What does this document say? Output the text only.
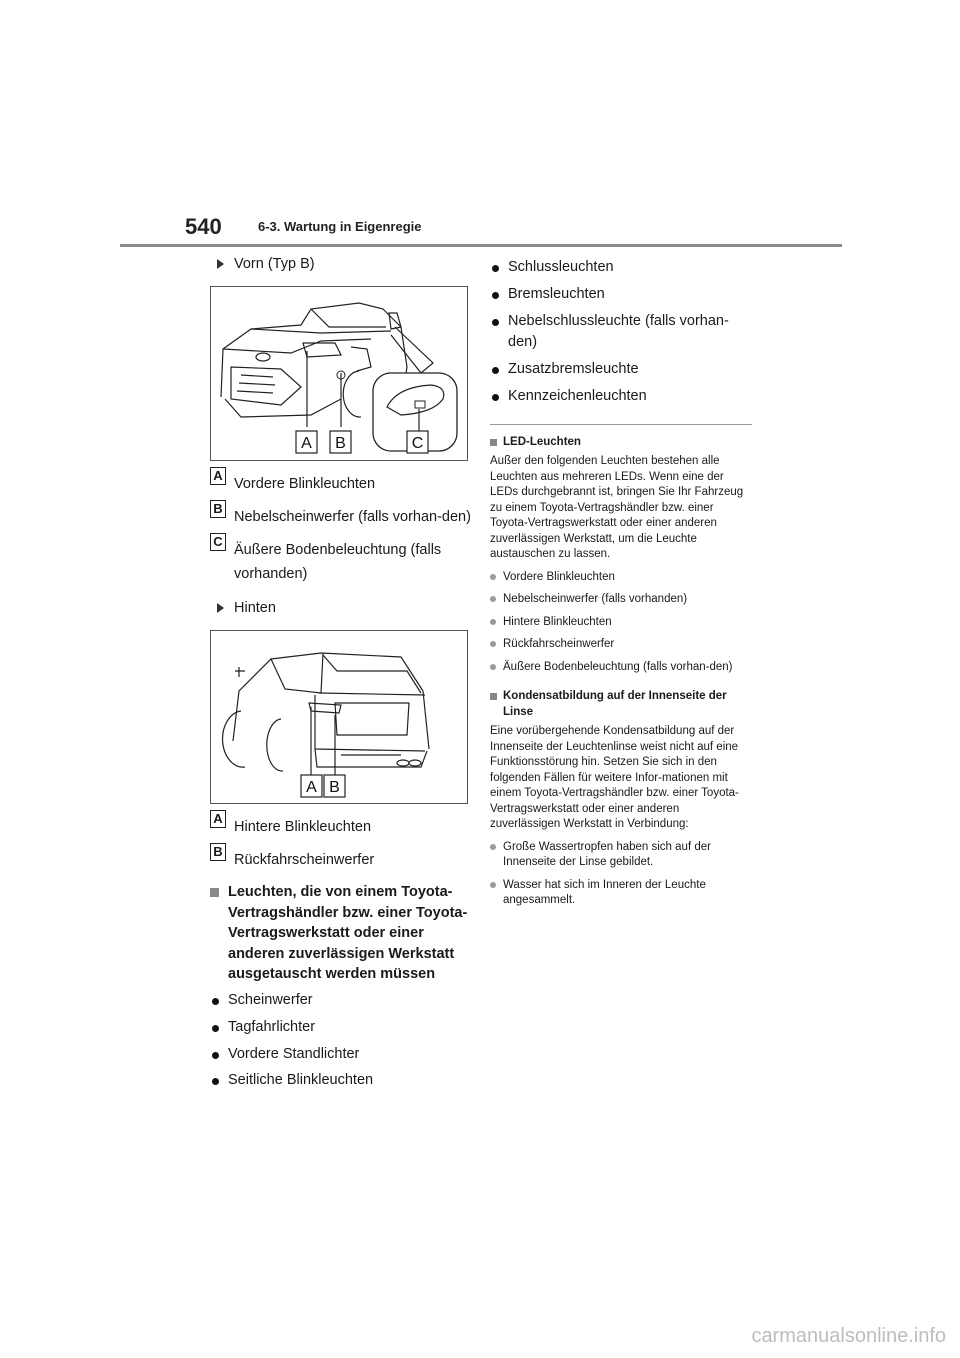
540	6-3. Wartung in Eigenregie
Vorn (Typ B)
A B	C
A
Vordere Blinkleuchten
B
Nebelscheinwerfer (falls vorhan-den)
C
Äußere Bodenbeleuchtung (falls vorhanden)
Hinten
A B
A
Hintere Blinkleuchten
B
Rückfahrscheinwerfer
Leuchten, die von einem Toyota-Vertragshändler bzw. einer Toyota-Vertragswerkstatt oder einer anderen zuverlässigen Werkstatt ausgetauscht werden müssen
Scheinwerfer
Tagfahrlichter
Vordere Standlichter
Seitliche Blinkleuchten
Schlussleuchten
Bremsleuchten
Nebelschlussleuchte (falls vorhan-den)
Zusatzbremsleuchte
Kennzeichenleuchten
LED-Leuchten
Außer den folgenden Leuchten bestehen alle Leuchten aus mehreren LEDs. Wenn eine der LEDs durchgebrannt ist, bringen Sie Ihr Fahrzeug zu einem Toyota-Vertragshändler bzw. einer Toyota-Vertragswerkstatt oder einer anderen zuverlässigen Werkstatt, um die Leuchte austauschen zu lassen.
Vordere Blinkleuchten
Nebelscheinwerfer (falls vorhanden)
Hintere Blinkleuchten
Rückfahrscheinwerfer
Äußere Bodenbeleuchtung (falls vorhan-den)
Kondensatbildung auf der Innenseite der Linse
Eine vorübergehende Kondensatbildung auf der Innenseite der Leuchtenlinse weist nicht auf eine Funktionsstörung hin. Setzen Sie sich in den folgenden Fällen für weitere Infor-mationen mit einem Toyota-Vertragshändler bzw. einer Toyota-Vertragswerkstatt oder einer anderen zuverlässigen Werkstatt in Verbindung:
Große Wassertropfen haben sich auf der Innenseite der Linse gebildet.
Wasser hat sich im Inneren der Leuchte angesammelt.
carmanualsonline.info
